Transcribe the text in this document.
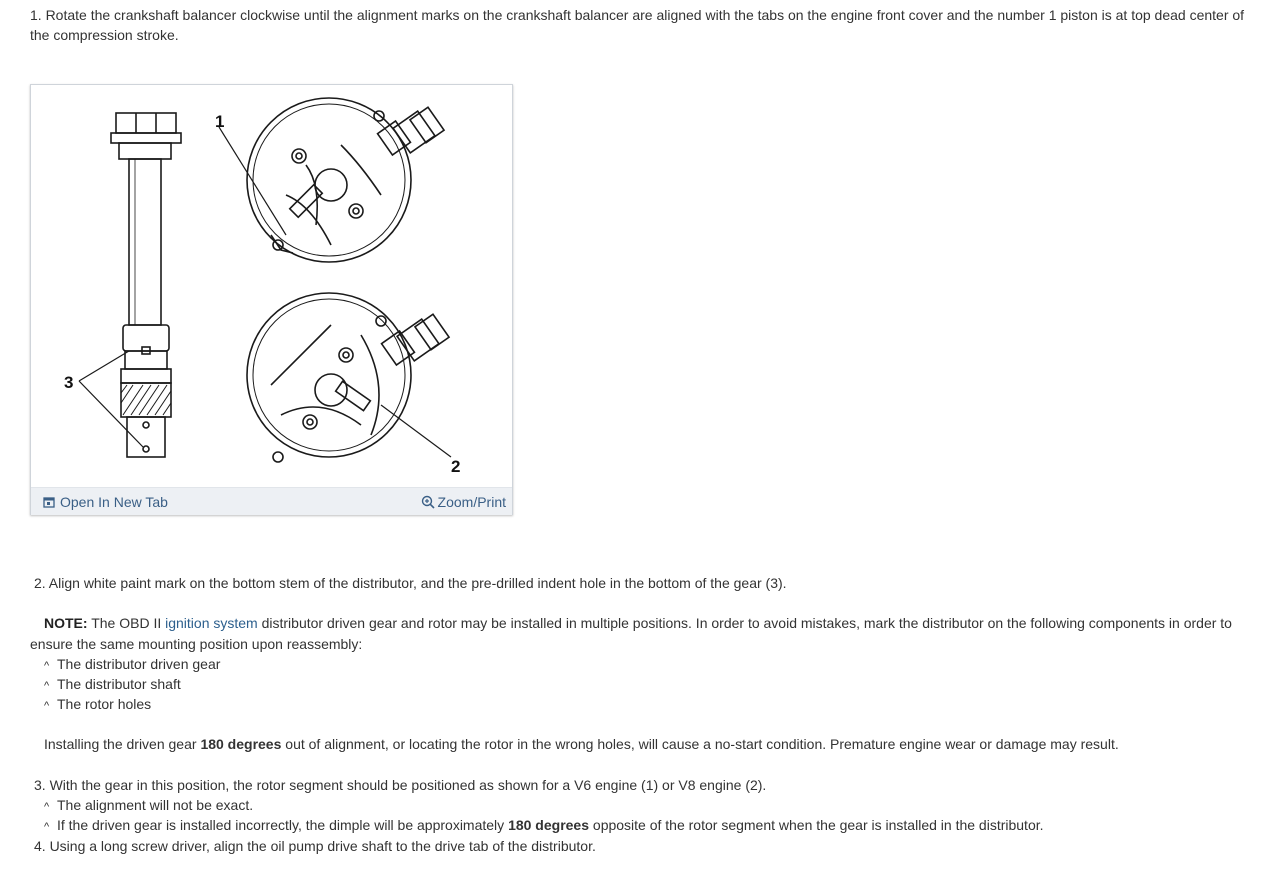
1. Rotate the crankshaft balancer clockwise until the alignment marks on the crankshaft balancer are aligned with the tabs on the engine front cover and the number 1 piston is at top dead center of the compression stroke.
1
2
3
Open In New Tab	Zoom/Print
2. Align white paint mark on the bottom stem of the distributor, and the pre-drilled indent hole in the bottom of the gear (3).
NOTE: The OBD II ignition system distributor driven gear and rotor may be installed in multiple positions. In order to avoid mistakes, mark the distributor on the following components in order to ensure the same mounting position upon reassembly:
^ The distributor driven gear
^ The distributor shaft
^ The rotor holes
Installing the driven gear 180 degrees out of alignment, or locating the rotor in the wrong holes, will cause a no-start condition. Premature engine wear or damage may result.
3. With the gear in this position, the rotor segment should be positioned as shown for a V6 engine (1) or V8 engine (2).
^ The alignment will not be exact.
^ If the driven gear is installed incorrectly, the dimple will be approximately 180 degrees opposite of the rotor segment when the gear is installed in the distributor.
4. Using a long screw driver, align the oil pump drive shaft to the drive tab of the distributor.
